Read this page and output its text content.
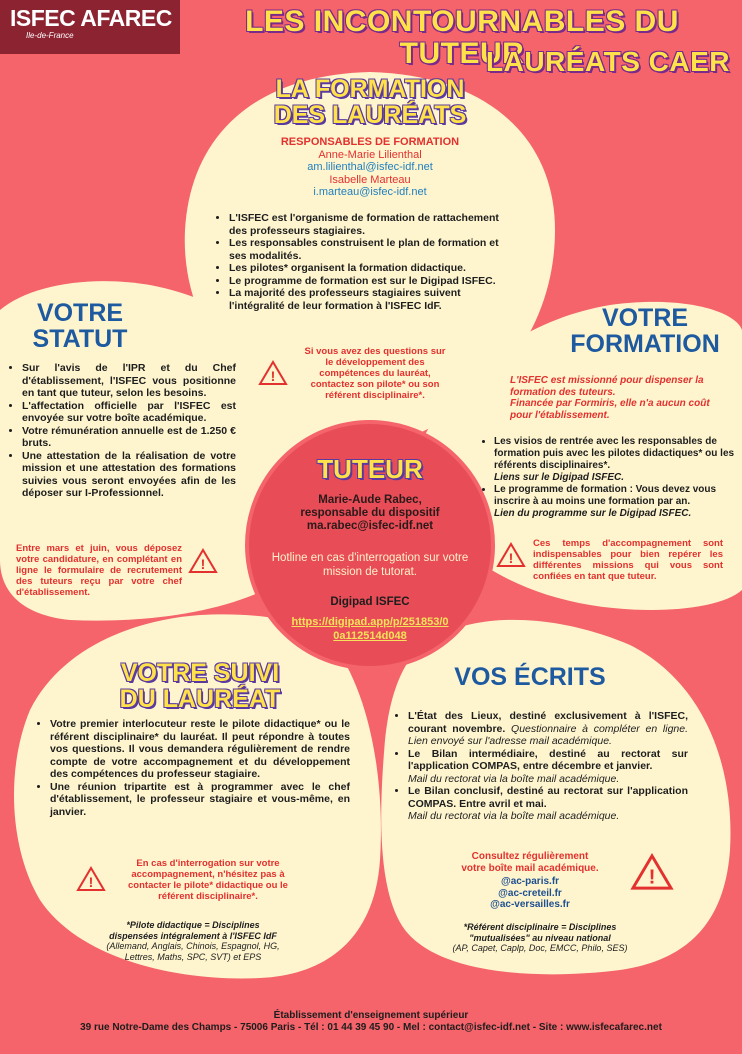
ISFEC AFAREC
Ile-de-France	LES INCONTOURNABLES DU TUTEUR
LAURÉATS CAER
LA FORMATION
DES LAURÉATS
RESPONSABLES DE FORMATION
Anne-Marie Lilienthal
am.lilienthal@isfec-idf.net
Isabelle Marteau
i.marteau@isfec-idf.net
• L'ISFEC est l'organisme de formation de rattachement des professeurs stagiaires.
• Les responsables construisent le plan de formation et ses modalités.
• Les pilotes* organisent la formation didactique.
• Le programme de formation est sur le Digipad ISFEC.
• La majorité des professeurs stagiaires suivent l'intégralité de leur formation à l'ISFEC IdF.
!
Si vous avez des questions sur le développement des compétences du lauréat, contactez son pilote* ou son référent disciplinaire*.
VOTRE
STATUT
• Sur l'avis de l'IPR et du Chef d'établissement, l'ISFEC vous positionne en tant que tuteur, selon les besoins.
• L'affectation officielle par l'ISFEC est envoyée sur votre boîte académique.
• Votre rémunération annuelle est de 1.250 € bruts.
• Une attestation de la réalisation de votre mission et une attestation des formations suivies vous seront envoyées afin de les déposer sur I-Professionnel.
Entre mars et juin, vous déposez votre candidature, en complétant en ligne le formulaire de recrutement des tuteurs reçu par votre chef d'établissement.
!
VOTRE
FORMATION
L'ISFEC est missionné pour dispenser la formation des tuteurs.
Financée par Formiris, elle n'a aucun coût pour l'établissement.
• Les visios de rentrée avec les responsables de formation puis avec les pilotes didactiques* ou les référents disciplinaires*.
Liens sur le Digipad ISFEC.
• Le programme de formation : Vous devez vous inscrire à au moins une formation par an.
Lien du programme sur le Digipad ISFEC.
!
Ces temps d'accompagnement sont indispensables pour bien repérer les différentes missions qui vous sont confiées en tant que tuteur.
TUTEUR
Marie-Aude Rabec,
responsable du dispositif
ma.rabec@isfec-idf.net
Hotline en cas d'interrogation sur votre mission de tutorat.
Digipad ISFEC
https://digipad.app/p/251853/0
0a112514d048
VOTRE SUIVI
DU LAURÉAT
• Votre premier interlocuteur reste le pilote didactique* ou le référent disciplinaire* du lauréat. Il peut répondre à toutes vos questions. Il vous demandera régulièrement de rendre compte de votre accompagnement et du développement des compétences du professeur stagiaire.
• Une réunion tripartite est à programmer avec le chef d'établissement, le professeur stagiaire et vous-même, en janvier.
!
En cas d'interrogation sur votre accompagnement, n'hésitez pas à contacter le pilote* didactique ou le référent disciplinaire*.
*Pilote didactique = Disciplines
dispensées intégralement à l'ISFEC IdF
(Allemand, Anglais, Chinois, Espagnol, HG,
Lettres, Maths, SPC, SVT) et EPS
VOS ÉCRITS
• L'État des Lieux, destiné exclusivement à l'ISFEC, courant novembre. Questionnaire à compléter en ligne. Lien envoyé sur l'adresse mail académique.
• Le Bilan intermédiaire, destiné au rectorat sur l'application COMPAS, entre décembre et janvier.
Mail du rectorat via la boîte mail académique.
• Le Bilan conclusif, destiné au rectorat sur l'application COMPAS. Entre avril et mai.
Mail du rectorat via la boîte mail académique.
Consultez régulièrement
votre boîte mail académique.
@ac-paris.fr
@ac-creteil.fr
@ac-versailles.fr
!
*Référent disciplinaire = Disciplines
"mutualisées" au niveau national
(AP, Capet, Caplp, Doc, EMCC, Philo, SES)
Établissement d'enseignement supérieur
39 rue Notre-Dame des Champs - 75006 Paris - Tél : 01 44 39 45 90 - Mel : contact@isfec-idf.net - Site : www.isfecafarec.net
